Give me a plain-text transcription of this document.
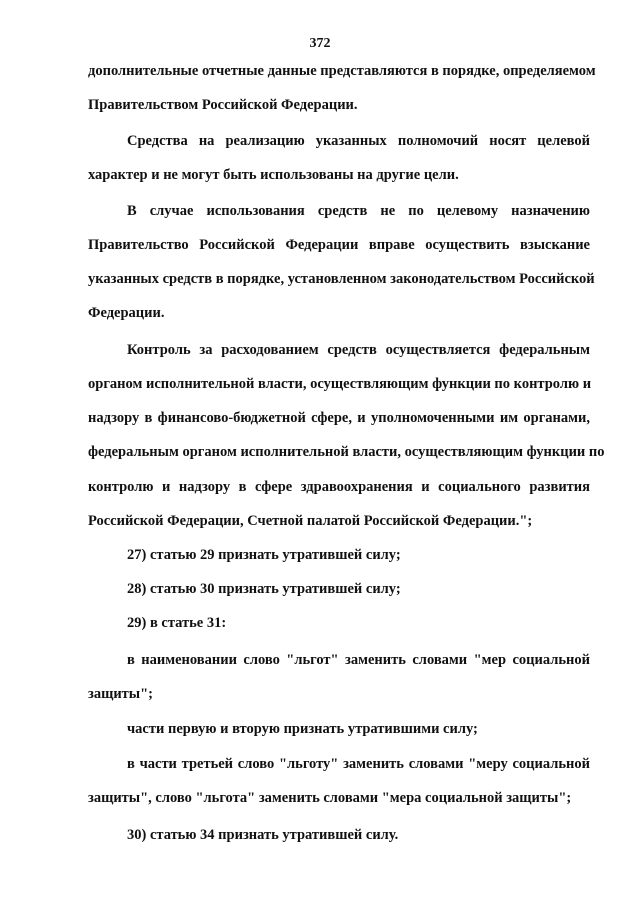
372
дополнительные отчетные данные представляются в порядке, определяемом
Правительством Российской Федерации.
Средства на реализацию указанных полномочий носят целевой
характер и не могут быть использованы на другие цели.
В случае использования средств не по целевому назначению
Правительство Российской Федерации вправе осуществить взыскание
указанных средств в порядке, установленном законодательством Российской
Федерации.
Контроль за расходованием средств осуществляется федеральным
органом исполнительной власти, осуществляющим функции по контролю и
надзору в финансово-бюджетной сфере, и уполномоченными им органами,
федеральным органом исполнительной власти, осуществляющим функции по
контролю и надзору в сфере здравоохранения и социального развития
Российской Федерации, Счетной палатой Российской Федерации.";
27) статью 29 признать утратившей силу;
28) статью 30 признать утратившей силу;
29) в статье 31:
в наименовании слово "льгот" заменить словами "мер социальной
защиты";
части первую и вторую признать утратившими силу;
в части третьей слово "льготу" заменить словами "меру социальной
защиты", слово "льгота" заменить словами "мера социальной защиты";
30) статью 34 признать утратившей силу.
